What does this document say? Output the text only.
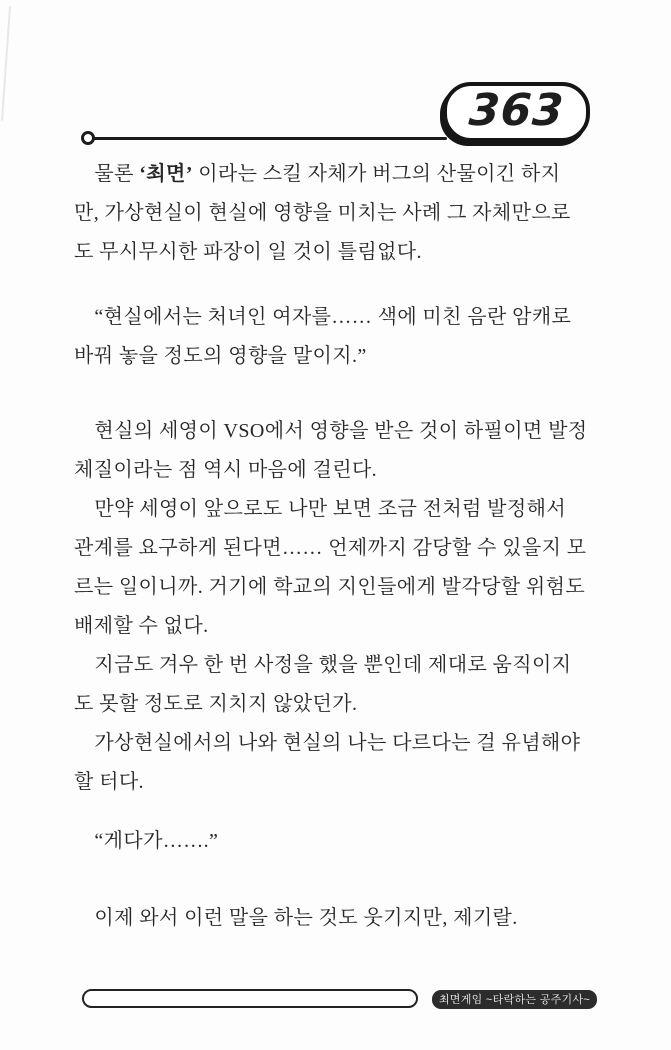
363
　물론 ‘최면’ 이라는 스킬 자체가 버그의 산물이긴 하지
만, 가상현실이 현실에 영향을 미치는 사례 그 자체만으로
도 무시무시한 파장이 일 것이 틀림없다.
　“현실에서는 처녀인 여자를…… 색에 미친 음란 암캐로
바꿔 놓을 정도의 영향을 말이지.”
　현실의 세영이 VSO에서 영향을 받은 것이 하필이면 발정
체질이라는 점 역시 마음에 걸린다.
　만약 세영이 앞으로도 나만 보면 조금 전처럼 발정해서
관계를 요구하게 된다면…… 언제까지 감당할 수 있을지 모
르는 일이니까. 거기에 학교의 지인들에게 발각당할 위험도
배제할 수 없다.
　지금도 겨우 한 번 사정을 했을 뿐인데 제대로 움직이지
도 못할 정도로 지치지 않았던가.
　가상현실에서의 나와 현실의 나는 다르다는 걸 유념해야
할 터다.
　“게다가…….”
　이제 와서 이런 말을 하는 것도 웃기지만, 제기랄.
최면게임 ~타락하는 공주기사~
